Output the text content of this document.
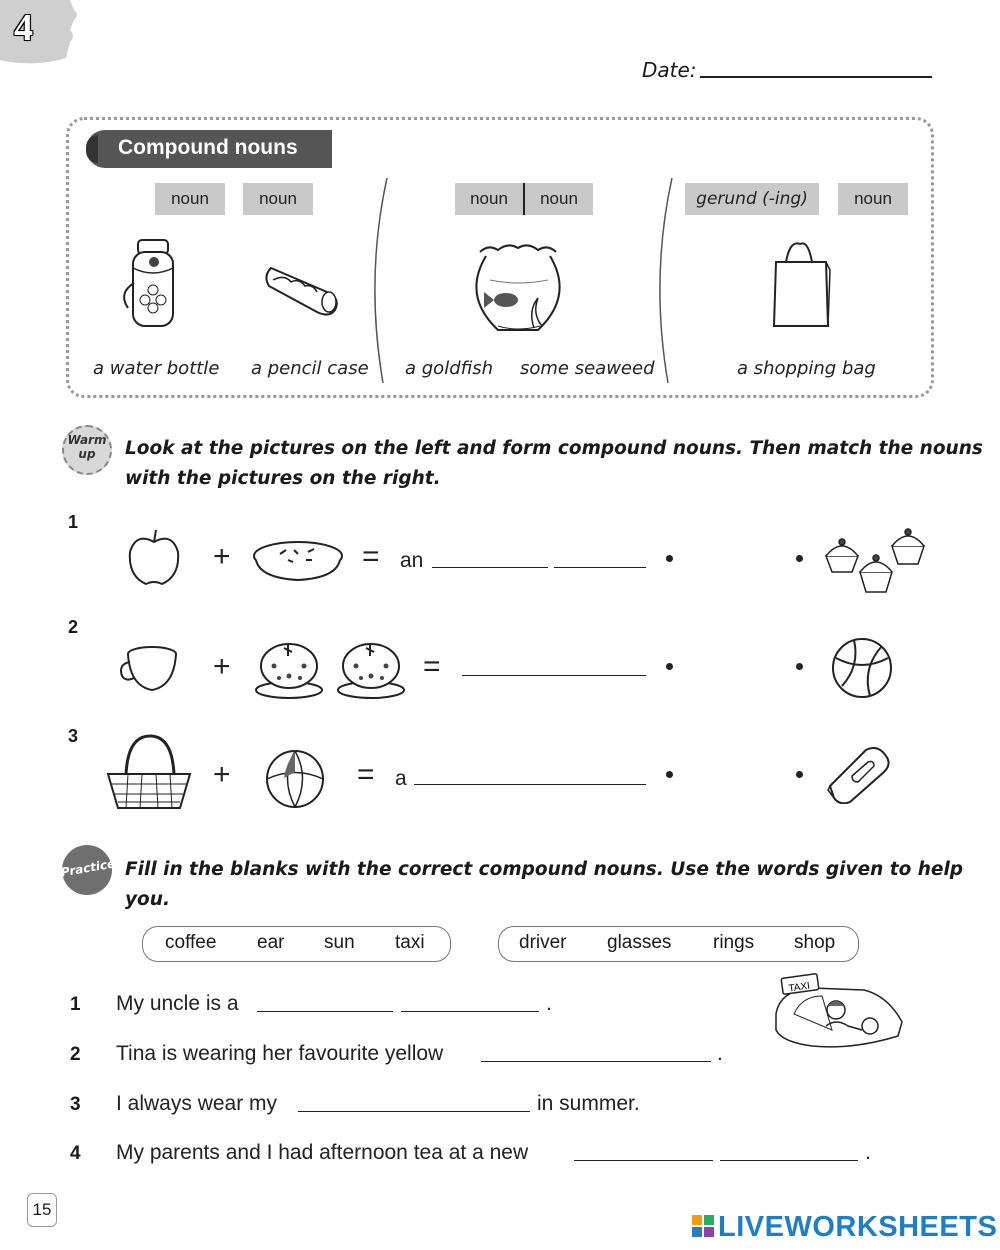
4
Date:
Compound nouns
noun	noun	noun	noun	gerund (-ing)	noun
a water bottle a pencil case a goldfish some seaweed	a shopping bag
Warm up	Look at the pictures on the left and form compound nouns. Then match the nouns
with the pictures on the right.
1
+	= an
2
+	=
3
+	= a
Practice Fill in the blanks with the correct compound nouns. Use the words given to help
you.
coffee ear sun taxi	driver glasses rings shop
TAXI
1 My uncle is a	.
2 Tina is wearing her favourite yellow	.
3 I always wear my	in summer.
4 My parents and I had afternoon tea at a new	.
15
LIVEWORKSHEETS
